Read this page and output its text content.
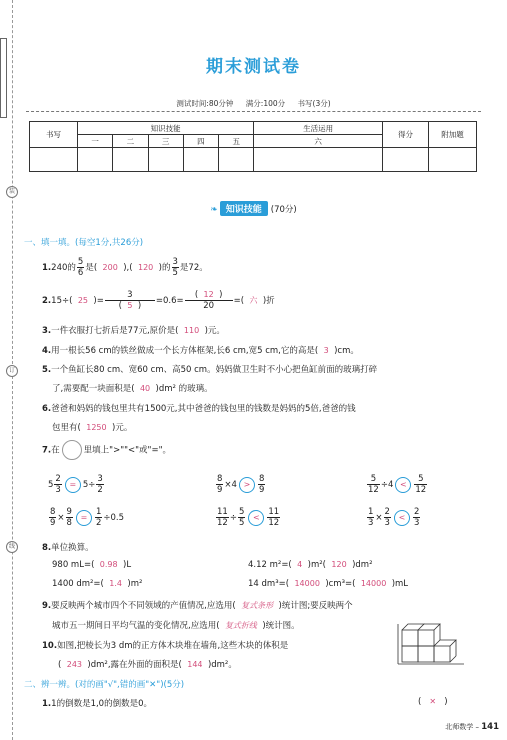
装
订
线
期末测试卷
测试时间:80分钟 满分:100分 书写(3分)
书写	知识技能					生活运用	得分	附加题
	一	二	三	四	五	六		

❧ 知识技能 (70分)
一、填一填。(每空1分,共26分)
1.240的 $\frac{5}{6}$ 是( 200 ),( 120 )的 $\frac{3}{5}$ 是72。
2.15÷( 25 )= $\frac{3}{( 5 )} =0.6= \frac{( 12 )}{20}$ =( 六 )折
3.一件衣服打七折后是77元,原价是( 110 )元。
4.用一根长56 cm的铁丝做成一个长方体框架,长6 cm,宽5 cm,它的高是( 3 )cm。
5.一个鱼缸长80 cm、宽60 cm、高50 cm。妈妈做卫生时不小心把鱼缸前面的玻璃打碎
了,需要配一块面积是( 40 )dm² 的玻璃。
6.爸爸和妈妈的钱包里共有1500元,其中爸爸的钱包里的钱数是妈妈的5倍,爸爸的钱
包里有( 1250 )元。
7.在	里填上">""<"或"="。
$5 \frac{2}{3} = 5\div \frac{3}{2}$	$\frac{8}{9} \times 4 > \frac{8}{9}$	$\frac{5}{12} \div 4 < \frac{5}{12}$
$\frac{8}{9} \times \frac{9}{8} = \frac{1}{2} \div 0.5$	$\frac{11}{12} \div \frac{5}{5} < \frac{11}{12}$	$\frac{1}{3} \times \frac{2}{3} < \frac{2}{3}$
8.单位换算。
980 mL=( 0.98 )L	4.12 m²=( 4 )m²( 120 )dm²
1400 dm²=( 1.4 )m²	14 dm³=( 14000 )cm³=( 14000 )mL
9.要反映两个城市四个不同领域的产值情况,应选用( 复式条形 )统计图;要反映两个
城市五一期间日平均气温的变化情况,应选用( 复式折线 )统计图。
10.如图,把棱长为3 dm的正方体木块堆在墙角,这些木块的体积是
( 243 )dm²,露在外面的面积是( 144 )dm²。
二、辨一辨。(对的画"√",错的画"✕")(5分)
1.1的倒数是1,0的倒数是0。	(   ✕   )
北师数学 – 141
